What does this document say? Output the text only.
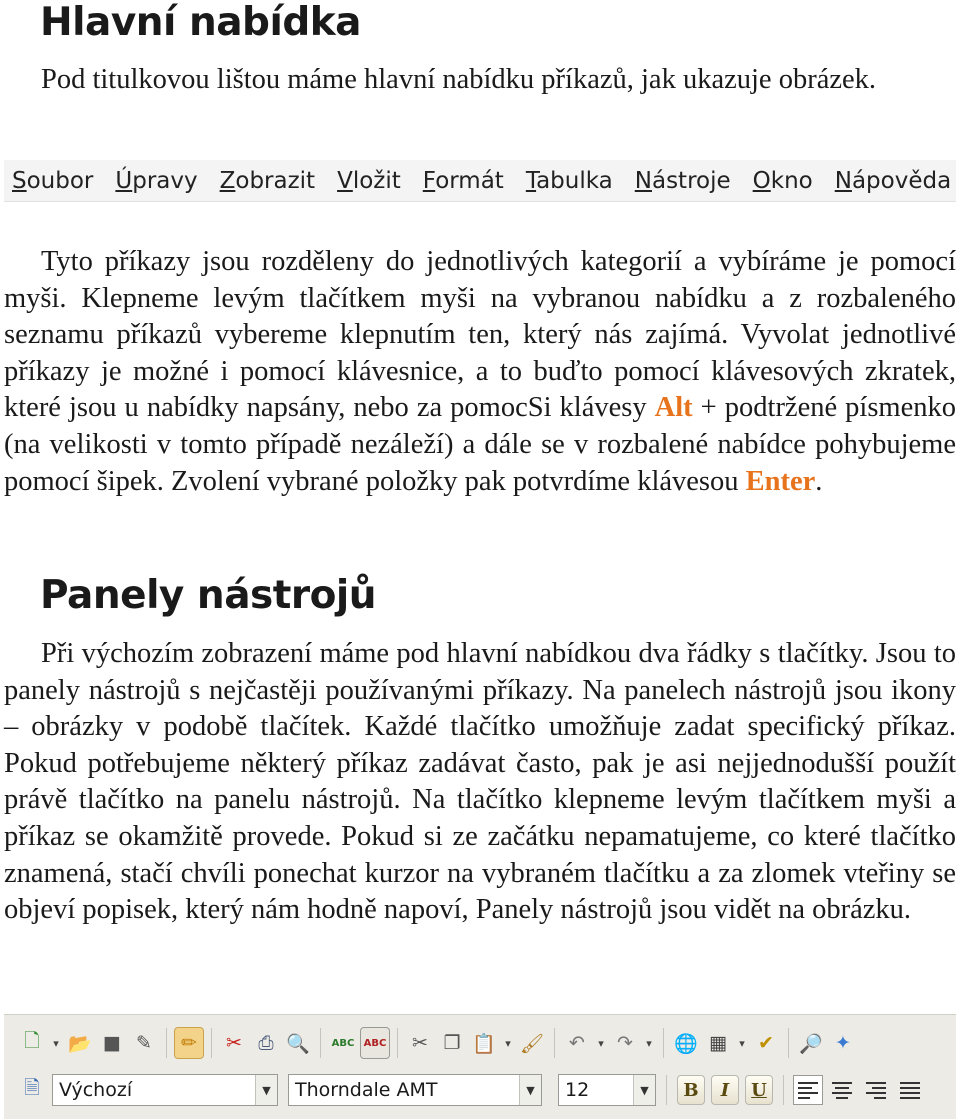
Hlavní nabídka

Pod titulkovou lištou máme hlavní nabídku příkazů, jak ukazuje obrázek.

Soubor Úpravy Zobrazit Vložit Formát Tabulka Nástroje Okno Nápověda

Tyto příkazy jsou rozděleny do jednotlivých kategorií a vybíráme je pomocí myši. Klepneme levým tlačítkem myši na vybranou nabídku a z rozbaleného seznamu příkazů vybereme klepnutím ten, který nás zajímá. Vyvolat jednotlivé příkazy je možné i pomocí klávesnice, a to buďto pomocí klávesových zkratek, které jsou u nabídky napsány, nebo za pomocSi klávesy Alt + podtržené písmenko (na velikosti v tomto případě nezáleží) a dále se v rozbalené nabídce pohybujeme pomocí šipek. Zvolení vybrané položky pak potvrdíme klávesou Enter.

Panely nástrojů

Při výchozím zobrazení máme pod hlavní nabídkou dva řádky s tlačítky. Jsou to panely nástrojů s nejčastěji používanými příkazy. Na panelech nástrojů jsou ikony – obrázky v podobě tlačítek. Každé tlačítko umožňuje zadat specifický příkaz. Pokud potřebujeme některý příkaz zadávat často, pak je asi nejjednodušší použít právě tlačítko na panelu nástrojů. Na tlačítko klepneme levým tlačítkem myši a příkaz se okamžitě provede. Pokud si ze začátku nepamatujeme, co které tlačítko znamená, stačí chvíli ponechat kurzor na vybraném tlačítku a za zlomek vteřiny se objeví popisek, který nám hodně napoví, Panely nástrojů jsou vidět na obrázku.

🗋	▾ 📂 ■ ✎	✏	✂ ⎙ 🔍 ABC ABC	✂ ❐ 📋 ▾ 🖌	↶	▾ ↷	▾ 🌐 ▦	▾ ✔	🔎 ✦
🗎	Výchozí	▼	Thorndale AMT	▼	12	▼	B	I	U
